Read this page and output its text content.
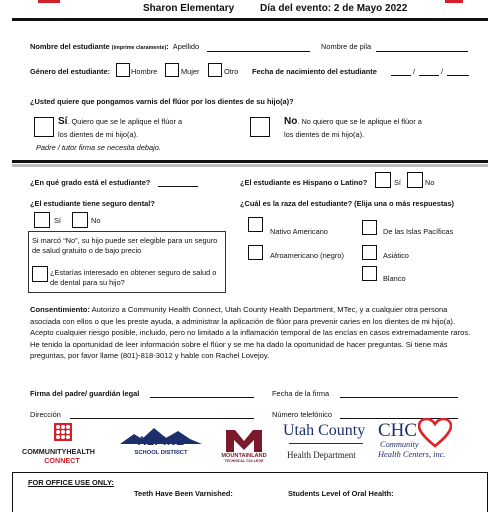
Sharon Elementary	Día del evento: 2 de Mayo 2022
Nombre del estudiante (imprime claramente): Apellido	Nombre de pila
Género del estudiante:	Hombre	Mujer	Otro Fecha de nacimiento del estudiante	/	/
¿Usted quiere que pongamos varnis del flúor por los dientes de su hijo(a)?
Sí. Quiero que se le aplique el flúor a
los dientes de mi hijo(a).
Padre / tutor firma se necesita debajo.
No. No quiero que se le aplique el flúor a
los dientes de mi hijo(a).
¿En qué grado está el estudiante?	¿El estudiante es Hispano o Latino?	Sí	No
¿El estudiante tiene seguro dental?
Sí	No
Si marcó “No”, su hijo puede ser elegible para un seguro
de salud gratuito o de bajo precio
¿Estarías interesado en obtener seguro de salud o
de dental para su hijo?
¿Cuál es la raza del estudiante? (Elija una o más respuestas)
Nativo Americano	De las Islas Pacíficas
Afroamericano (negro)	Asiático
Blanco
Consentimiento: Autorizo a Community Health Connect, Utah County Health Department, MTec, y a cualquier otra persona asociada con ellos o que les preste ayuda, a administrar la aplicación de flúor para prevenir caries en los dientes de mi hijo(a). Acepto cualquier riesgo posible, incluido, pero no limitado a la inflamación temporal de las encías en casos extremadamente raros. He tenido la oportunidad de leer información sobre el flúor y se me ha dado la oportunidad de hacer preguntas. Si tiene más preguntas, por favor llame (801)-818-3012 y hable con Rachel Lovejoy.
Firma del padre/ guardián legal	Fecha de la firma
Dirección	Número telefónico
COMMUNITYHEALTH
CONNECT
ALPINE
SCHOOL DISTRICT	MOUNTAINLAND
TECHNICAL COLLEGE
Utah County
Health Department
CHC
Community
Health Centers, inc.
FOR OFFICE USE ONLY:
Teeth Have Been Varnished:	Students Level of Oral Health:
